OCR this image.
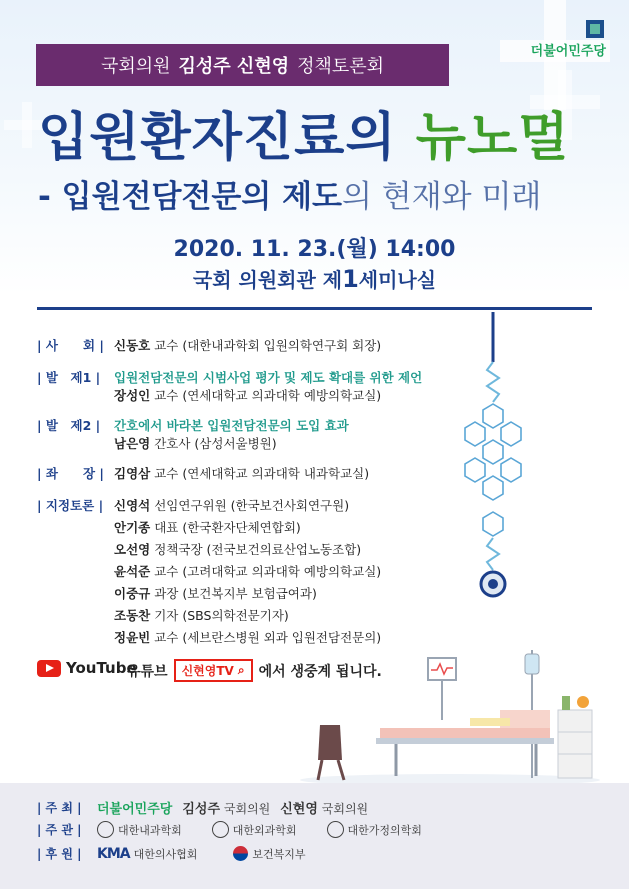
국회의원 김성주 신현영 정책토론회
더불어민주당
입원환자진료의 뉴노멀
- 입원전담전문의 제도의 현재와 미래
2020. 11. 23.(월) 14:00
국회 의원회관 제1세미나실
| 사　　회 | 신동호 교수 (대한내과학회 입원의학연구회 회장)
| 발　제1 | 입원전담전문의 시범사업 평가 및 제도 확대를 위한 제언
장성인 교수 (연세대학교 의과대학 예방의학교실)
| 발　제2 | 간호에서 바라본 입원전담전문의 도입 효과
남은영 간호사 (삼성서울병원)
| 좌　　장 | 김영삼 교수 (연세대학교 의과대학 내과학교실)
| 지정토론 | 신영석 선임연구위원 (한국보건사회연구원)
안기종 대표 (한국환자단체연합회)
오선영 정책국장 (전국보건의료산업노동조합)
윤석준 교수 (고려대학교 의과대학 예방의학교실)
이중규 과장 (보건복지부 보험급여과)
조동찬 기자 (SBS의학전문기자)
정윤빈 교수 (세브란스병원 외과 입원전담전문의)
YouTube
유튜브 신현영TV ⌕ 에서 생중계 됩니다.
| 주 최 |	더불어민주당 김성주 국회의원 신현영 국회의원
| 주 관 |	대한내과학회	대한외과학회	대한가정의학회
| 후 원 |	KMA 대한의사협회	보건복지부
